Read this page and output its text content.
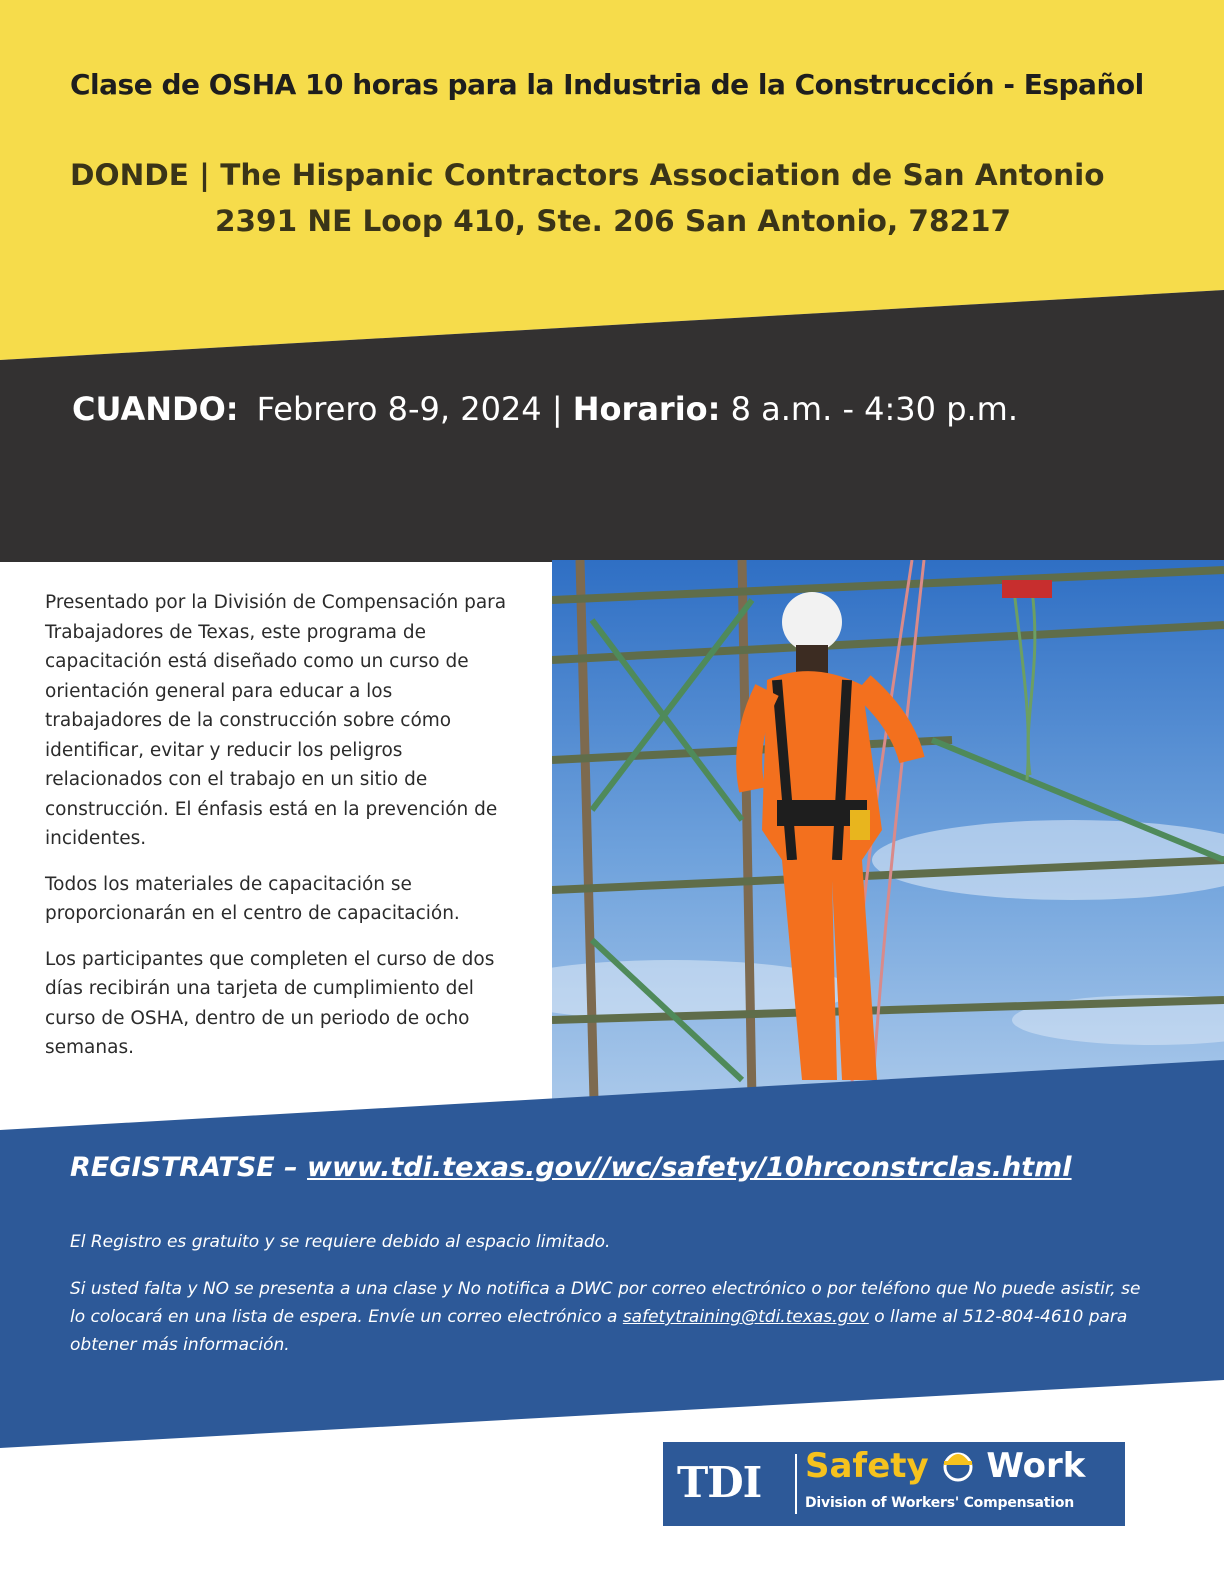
Clase de OSHA 10 horas para la Industria de la Construcción - Español

DONDE | The Hispanic Contractors Association de San Antonio
2391 NE Loop 410, Ste. 206 San Antonio, 78217

CUANDO: Febrero 8-9, 2024 | Horario: 8 a.m. - 4:30 p.m.

Presentado por la División de Compensación para Trabajadores de Texas, este programa de capacitación está diseñado como un curso de orientación general para educar a los trabajadores de la construcción sobre cómo identificar, evitar y reducir los peligros relacionados con el trabajo en un sitio de construcción. El énfasis está en la prevención de incidentes.

Todos los materiales de capacitación se proporcionarán en el centro de capacitación.

Los participantes que completen el curso de dos días recibirán una tarjeta de cumplimiento del curso de OSHA, dentro de un periodo de ocho semanas.

REGISTRATSE – www.tdi.texas.gov//wc/safety/10hrconstrclas.html

El Registro es gratuito y se requiere debido al espacio limitado.

Si usted falta y NO se presenta a una clase y No notifica a DWC por correo electrónico o por teléfono que No puede asistir, se lo colocará en una lista de espera. Envíe un correo electrónico a safetytraining@tdi.texas.gov o llame al 512-804-4610 para obtener más información.

TDI Safety Work
Division of Workers' Compensation
